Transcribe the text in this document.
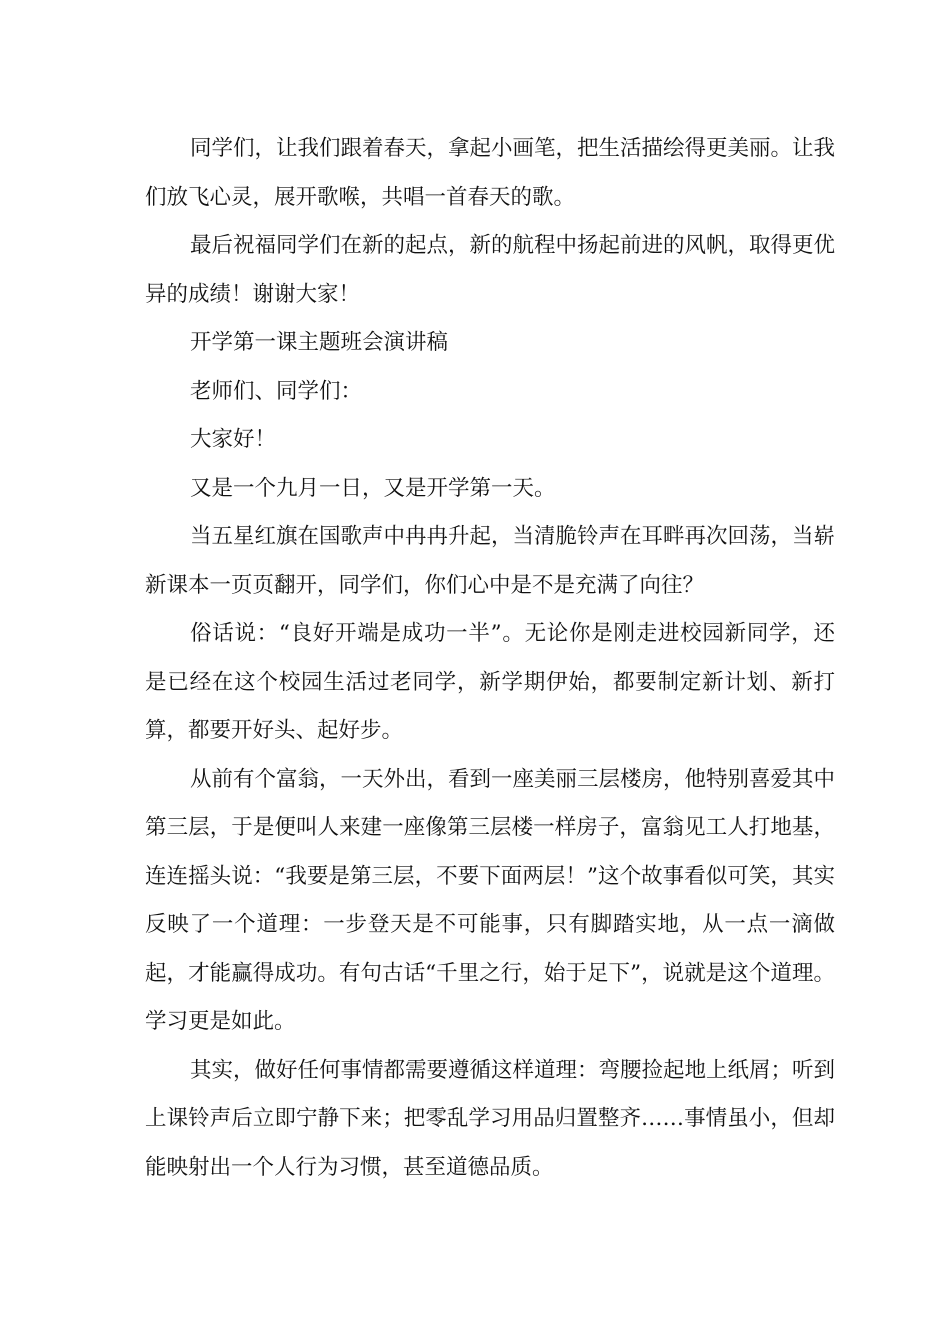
同学们，让我们跟着春天，拿起小画笔，把生活描绘得更美丽。让我们放飞心灵，展开歌喉，共唱一首春天的歌。

最后祝福同学们在新的起点，新的航程中扬起前进的风帆，取得更优异的成绩！谢谢大家！

开学第一课主题班会演讲稿

老师们、同学们：

大家好！

又是一个九月一日，又是开学第一天。

当五星红旗在国歌声中冉冉升起，当清脆铃声在耳畔再次回荡，当崭新课本一页页翻开，同学们，你们心中是不是充满了向往？

俗话说：“良好开端是成功一半”。无论你是刚走进校园新同学，还是已经在这个校园生活过老同学，新学期伊始，都要制定新计划、新打算，都要开好头、起好步。

从前有个富翁，一天外出，看到一座美丽三层楼房，他特别喜爱其中第三层，于是便叫人来建一座像第三层楼一样房子，富翁见工人打地基，连连摇头说：“我要是第三层，不要下面两层！”这个故事看似可笑，其实反映了一个道理：一步登天是不可能事，只有脚踏实地，从一点一滴做起，才能赢得成功。有句古话“千里之行，始于足下”，说就是这个道理。学习更是如此。

其实，做好任何事情都需要遵循这样道理：弯腰捡起地上纸屑；听到上课铃声后立即宁静下来；把零乱学习用品归置整齐……事情虽小，但却能映射出一个人行为习惯，甚至道德品质。
